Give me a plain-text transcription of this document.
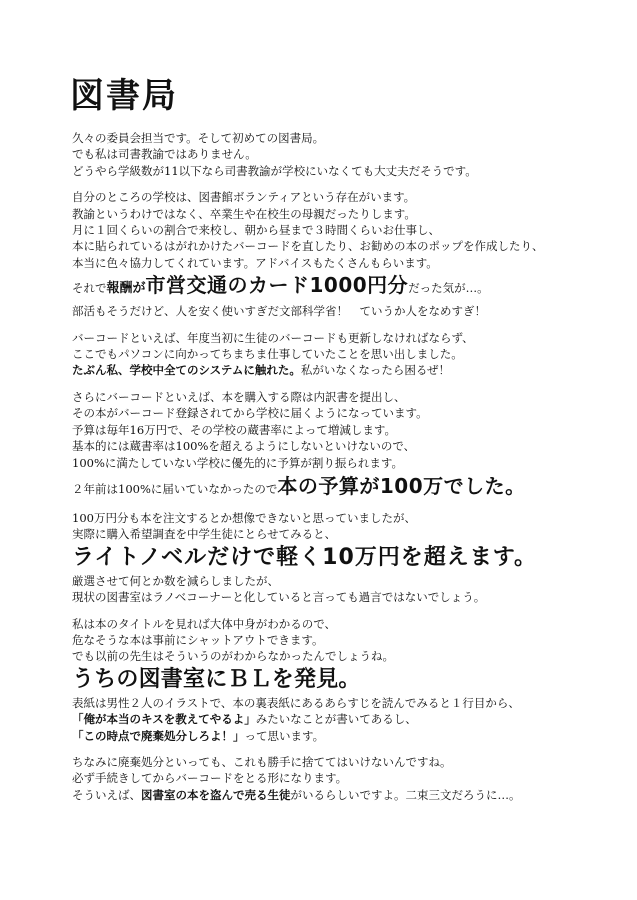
図書局
久々の委員会担当です。そして初めての図書局。
でも私は司書教諭ではありません。
どうやら学級数が11以下なら司書教諭が学校にいなくても大丈夫だそうです。
自分のところの学校は、図書館ボランティアという存在がいます。
教諭というわけではなく、卒業生や在校生の母親だったりします。
月に１回くらいの割合で来校し、朝から昼まで３時間くらいお仕事し、
本に貼られているはがれかけたバーコードを直したり、お勧めの本のポップを作成したり、
本当に色々協力してくれています。アドバイスもたくさんもらいます。
それで報酬が市営交通のカード1000円分だった気が…。
部活もそうだけど、人を安く使いすぎだ文部科学省！　ていうか人をなめすぎ！
バーコードといえば、年度当初に生徒のバーコードも更新しなければならず、
ここでもパソコンに向かってちまちま仕事していたことを思い出しました。
たぶん私、学校中全てのシステムに触れた。私がいなくなったら困るぜ！
さらにバーコードといえば、本を購入する際は内訳書を提出し、
その本がバーコード登録されてから学校に届くようになっています。
予算は毎年16万円で、その学校の蔵書率によって増減します。
基本的には蔵書率は100%を超えるようにしないといけないので、
100%に満たしていない学校に優先的に予算が割り振られます。
２年前は100%に届いていなかったので本の予算が100万でした。
100万円分も本を注文するとか想像できないと思っていましたが、
実際に購入希望調査を中学生徒にとらせてみると、
ライトノベルだけで軽く10万円を超えます。
厳選させて何とか数を減らしましたが、
現状の図書室はラノベコーナーと化していると言っても過言ではないでしょう。
私は本のタイトルを見れば大体中身がわかるので、
危なそうな本は事前にシャットアウトできます。
でも以前の先生はそういうのがわからなかったんでしょうね。
うちの図書室にＢＬを発見。
表紙は男性２人のイラストで、本の裏表紙にあるあらすじを読んでみると１行目から、
「俺が本当のキスを教えてやるよ」みたいなことが書いてあるし、
「この時点で廃棄処分しろよ！」って思います。
ちなみに廃棄処分といっても、これも勝手に捨ててはいけないんですね。
必ず手続きしてからバーコードをとる形になります。
そういえば、図書室の本を盗んで売る生徒がいるらしいですよ。二束三文だろうに…。
